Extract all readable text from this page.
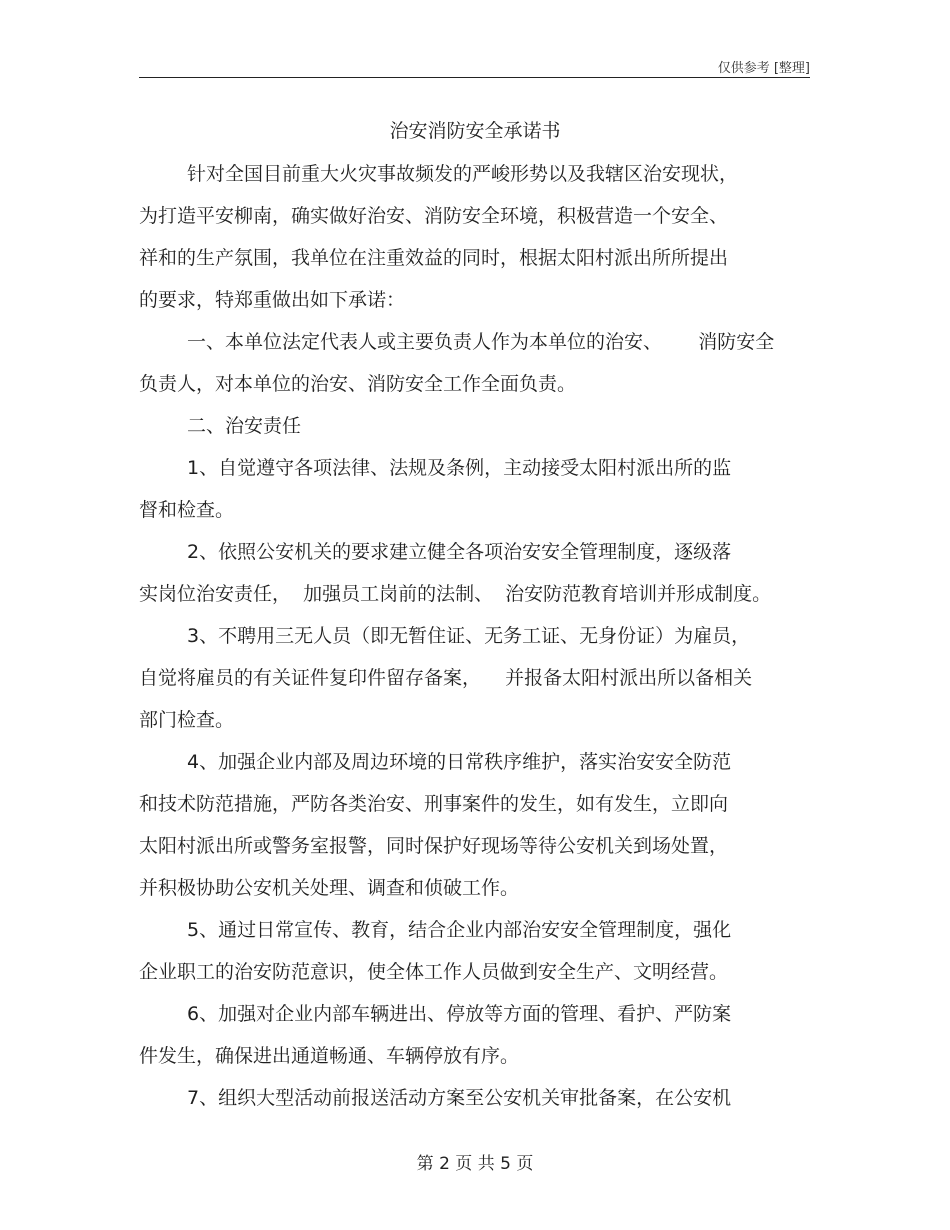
仅供参考 [整理]
治安消防安全承诺书
针对全国目前重大火灾事故频发的严峻形势以及我辖区治安现状，
为打造平安柳南，确实做好治安、消防安全环境，积极营造一个安全、
祥和的生产氛围，我单位在注重效益的同时，根据太阳村派出所所提出
的要求，特郑重做出如下承诺：
一、本单位法定代表人或主要负责人作为本单位的治安、      消防安全
负责人，对本单位的治安、消防安全工作全面负责。
二、治安责任
1、自觉遵守各项法律、法规及条例，主动接受太阳村派出所的监
督和检查。
2、依照公安机关的要求建立健全各项治安安全管理制度，逐级落
实岗位治安责任，  加强员工岗前的法制、  治安防范教育培训并形成制度。
3、不聘用三无人员（即无暂住证、无务工证、无身份证）为雇员，
自觉将雇员的有关证件复印件留存备案，    并报备太阳村派出所以备相关
部门检查。
4、加强企业内部及周边环境的日常秩序维护，落实治安安全防范
和技术防范措施，严防各类治安、刑事案件的发生，如有发生，立即向
太阳村派出所或警务室报警，同时保护好现场等待公安机关到场处置，
并积极协助公安机关处理、调查和侦破工作。
5、通过日常宣传、教育，结合企业内部治安安全管理制度，强化
企业职工的治安防范意识，使全体工作人员做到安全生产、文明经营。
6、加强对企业内部车辆进出、停放等方面的管理、看护、严防案
件发生，确保进出通道畅通、车辆停放有序。
7、组织大型活动前报送活动方案至公安机关审批备案，在公安机
第 2 页 共 5 页
